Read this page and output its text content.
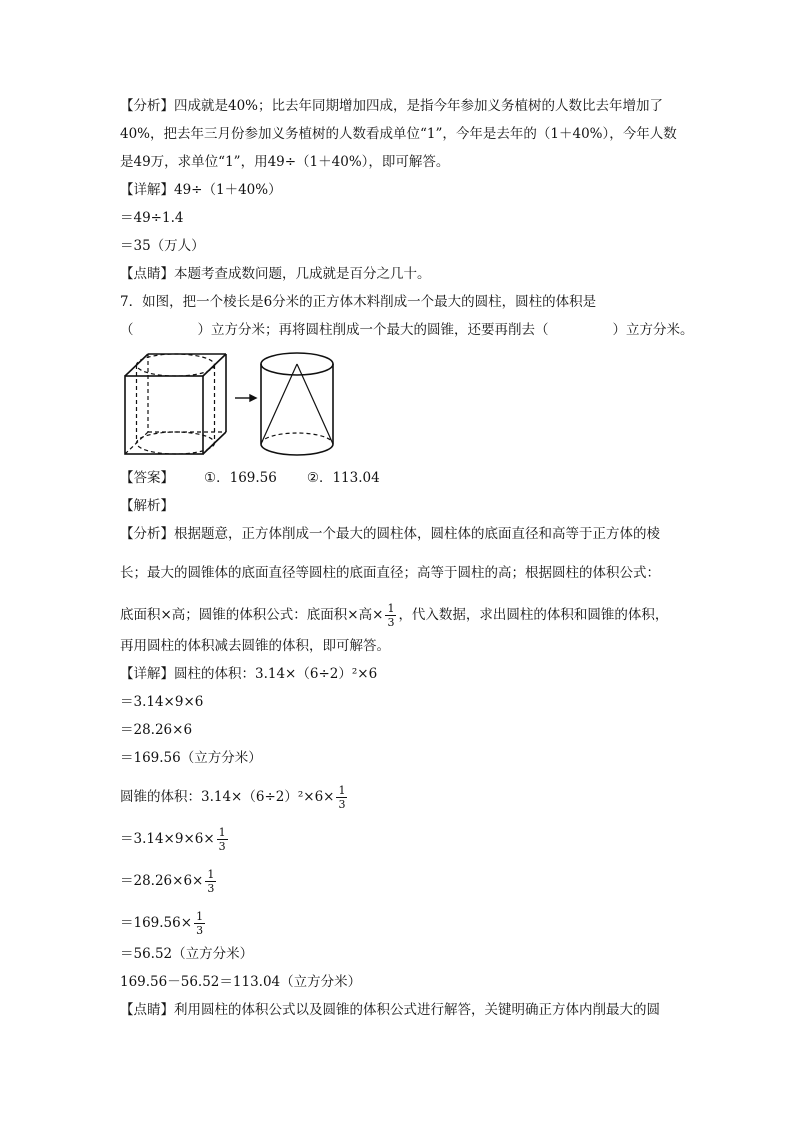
【分析】四成就是40%；比去年同期增加四成，是指今年参加义务植树的人数比去年增加了
40%，把去年三月份参加义务植树的人数看成单位“1”，今年是去年的（1＋40%），今年人数
是49万，求单位“1”，用49÷（1＋40%），即可解答。
【详解】49÷（1＋40%）
＝49÷1.4
＝35（万人）
【点睛】本题考查成数问题，几成就是百分之几十。
7．如图，把一个棱长是6分米的正方体木料削成一个最大的圆柱，圆柱的体积是
（	）立方分米；再将圆柱削成一个最大的圆锥，还要再削去（	）立方分米。
【答案】 ①．169.56 ②．113.04
【解析】
【分析】根据题意，正方体削成一个最大的圆柱体，圆柱体的底面直径和高等于正方体的棱
长；最大的圆锥体的底面直径等圆柱的底面直径；高等于圆柱的高；根据圆柱的体积公式：
底面积×高；圆锥的体积公式：底面积×高× $\frac{1}{3}$ ，代入数据，求出圆柱的体积和圆锥的体积，
再用圆柱的体积减去圆锥的体积，即可解答。
【详解】圆柱的体积：3.14×（6÷2）²×6
＝3.14×9×6
＝28.26×6
＝169.56（立方分米）
圆锥的体积：$3.14\times(6\div 2)^2\times 6\times \frac{1}{3}$
$=3.14\times 9\times 6\times \frac{1}{3}$
$=28.26\times 6\times \frac{1}{3}$
$=169.56\times \frac{1}{3}$
＝56.52（立方分米）
169.56－56.52＝113.04（立方分米）
【点睛】利用圆柱的体积公式以及圆锥的体积公式进行解答，关键明确正方体内削最大的圆
